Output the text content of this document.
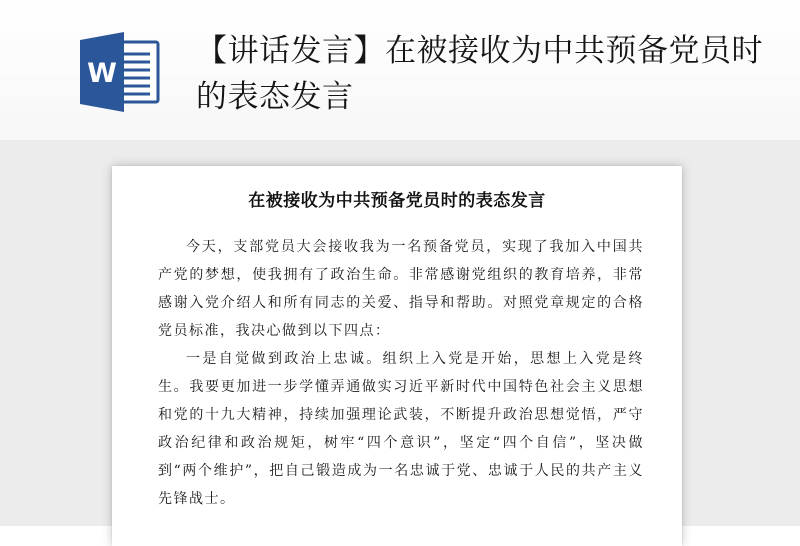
W
【讲话发言】在被接收为中共预备党员时的表态发言
在被接收为中共预备党员时的表态发言

今天，支部党员大会接收我为一名预备党员，实现了我加入中国共产党的梦想，使我拥有了政治生命。非常感谢党组织的教育培养，非常感谢入党介绍人和所有同志的关爱、指导和帮助。对照党章规定的合格党员标准，我决心做到以下四点：

一是自觉做到政治上忠诚。组织上入党是开始，思想上入党是终生。我要更加进一步学懂弄通做实习近平新时代中国特色社会主义思想和党的十九大精神，持续加强理论武装，不断提升政治思想觉悟，严守政治纪律和政治规矩，树牢“四个意识”，坚定“四个自信”，坚决做到“两个维护”，把自己锻造成为一名忠诚于党、忠诚于人民的共产主义先锋战士。
